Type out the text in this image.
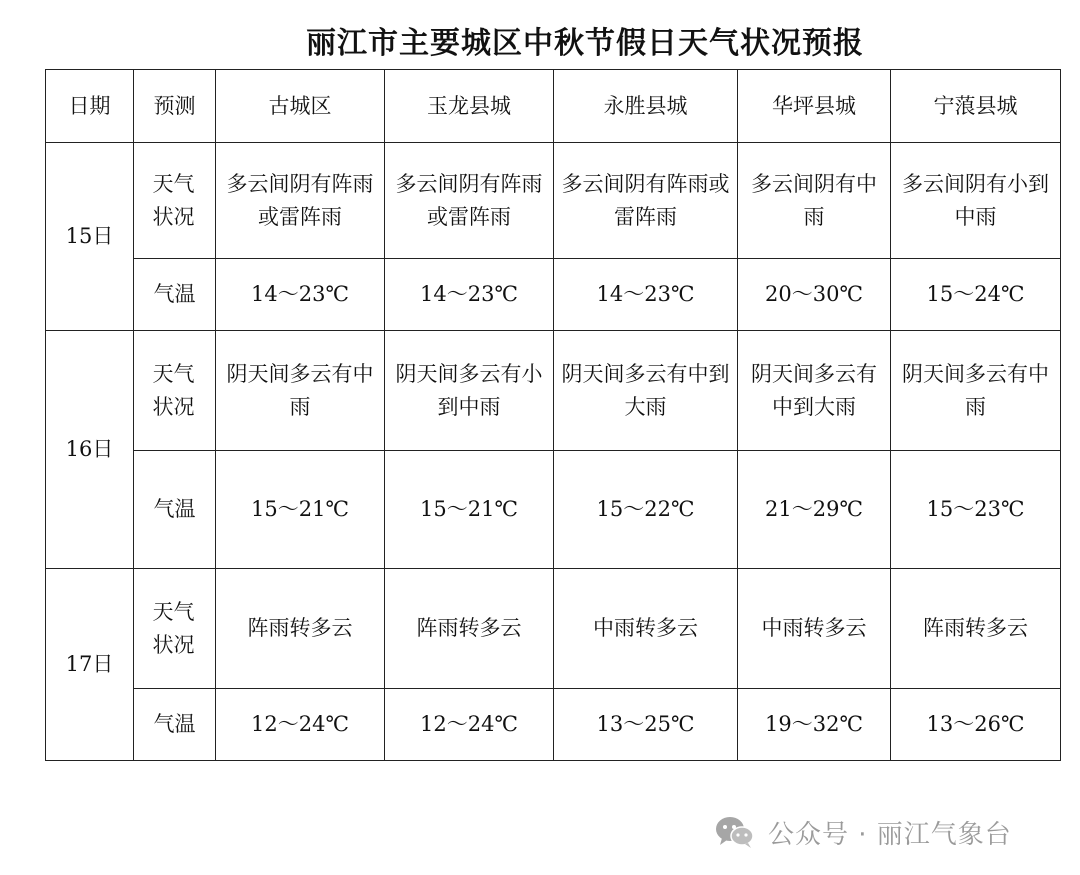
丽江市主要城区中秋节假日天气状况预报
日期	预测	古城区	玉龙县城	永胜县城	华坪县城	宁蒗县城
15日	天气状况	多云间阴有阵雨或雷阵雨	多云间阴有阵雨或雷阵雨	多云间阴有阵雨或雷阵雨	多云间阴有中雨	多云间阴有小到中雨
	气温	14～23℃	14～23℃	14～23℃	20～30℃	15～24℃
16日	天气状况	阴天间多云有中雨	阴天间多云有小到中雨	阴天间多云有中到大雨	阴天间多云有中到大雨	阴天间多云有中雨
	气温	15～21℃	15～21℃	15～22℃	21～29℃	15～23℃
17日	天气状况	阵雨转多云	阵雨转多云	中雨转多云	中雨转多云	阵雨转多云
	气温	12～24℃	12～24℃	13～25℃	19～32℃	13～26℃
公众号 · 丽江气象台
